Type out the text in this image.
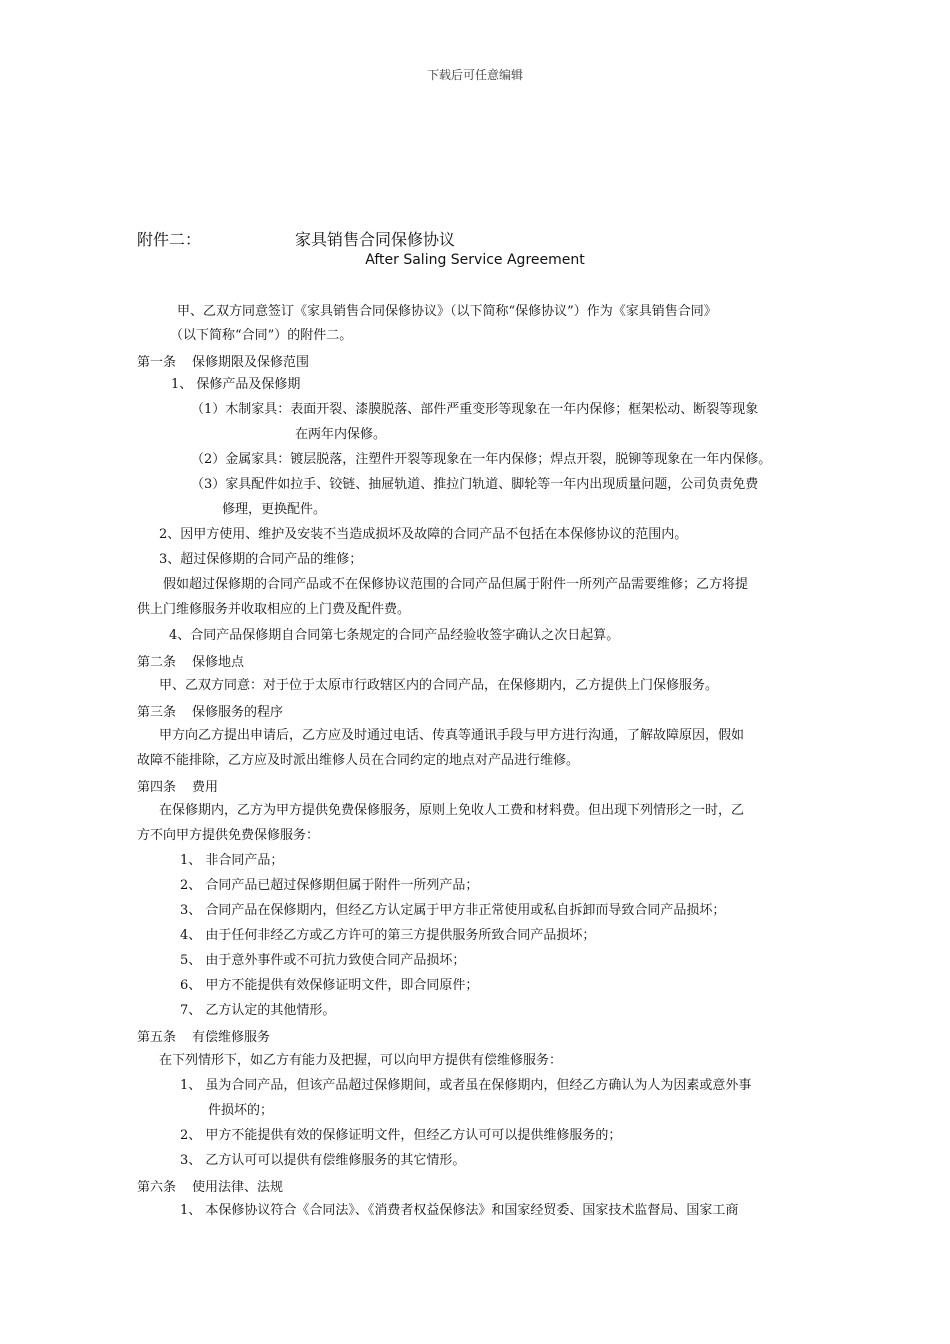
下载后可任意编辑
附件二：	家具销售合同保修协议
After Saling Service Agreement
甲、乙双方同意签订《家具销售合同保修协议》（以下简称“保修协议”）作为《家具销售合同》
（以下简称“合同”）的附件二。
第一条 保修期限及保修范围
1、 保修产品及保修期
（1）木制家具：表面开裂、漆膜脱落、部件严重变形等现象在一年内保修；框架松动、断裂等现象
在两年内保修。
（2）金属家具：镀层脱落，注塑件开裂等现象在一年内保修；焊点开裂，脱铆等现象在一年内保修。
（3）家具配件如拉手、铰链、抽屉轨道、推拉门轨道、脚轮等一年内出现质量问题，公司负责免费
修理，更换配件。
2、因甲方使用、维护及安装不当造成损坏及故障的合同产品不包括在本保修协议的范围内。
3、超过保修期的合同产品的维修；
假如超过保修期的合同产品或不在保修协议范围的合同产品但属于附件一所列产品需要维修；乙方将提
供上门维修服务并收取相应的上门费及配件费。
4、合同产品保修期自合同第七条规定的合同产品经验收签字确认之次日起算。
第二条 保修地点
甲、乙双方同意：对于位于太原市行政辖区内的合同产品，在保修期内，乙方提供上门保修服务。
第三条 保修服务的程序
甲方向乙方提出申请后，乙方应及时通过电话、传真等通讯手段与甲方进行沟通，了解故障原因，假如
故障不能排除，乙方应及时派出维修人员在合同约定的地点对产品进行维修。
第四条 费用
在保修期内，乙方为甲方提供免费保修服务，原则上免收人工费和材料费。但出现下列情形之一时，乙
方不向甲方提供免费保修服务：
1、 非合同产品；
2、 合同产品已超过保修期但属于附件一所列产品；
3、 合同产品在保修期内，但经乙方认定属于甲方非正常使用或私自拆卸而导致合同产品损坏；
4、 由于任何非经乙方或乙方许可的第三方提供服务所致合同产品损坏；
5、 由于意外事件或不可抗力致使合同产品损坏；
6、 甲方不能提供有效保修证明文件，即合同原件；
7、 乙方认定的其他情形。
第五条 有偿维修服务
在下列情形下，如乙方有能力及把握，可以向甲方提供有偿维修服务：
1、 虽为合同产品，但该产品超过保修期间，或者虽在保修期内，但经乙方确认为人为因素或意外事
件损坏的；
2、 甲方不能提供有效的保修证明文件，但经乙方认可可以提供维修服务的；
3、 乙方认可可以提供有偿维修服务的其它情形。
第六条 使用法律、法规
1、 本保修协议符合《合同法》、《消费者权益保修法》和国家经贸委、国家技术监督局、国家工商
